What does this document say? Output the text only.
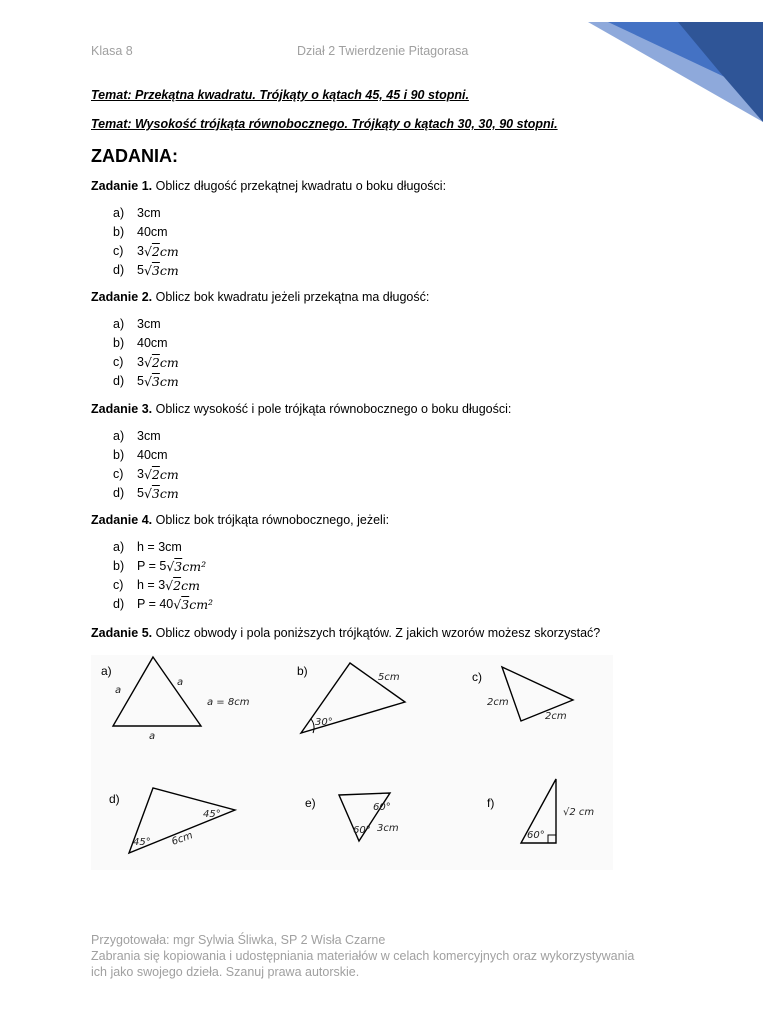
Klasa 8	Dział 2 Twierdzenie Pitagorasa
Temat: Przekątna kwadratu. Trójkąty o kątach 45, 45 i 90 stopni.
Temat: Wysokość trójkąta równobocznego. Trójkąty o kątach 30, 30, 90 stopni.
ZADANIA:
Zadanie 1. Oblicz długość przekątnej kwadratu o boku długości:
a)	3cm
b)	40cm
c)	3 √2cm
d)	5 √3cm
Zadanie 2. Oblicz bok kwadratu jeżeli przekątna ma długość:
a)	3cm
b)	40cm
c)	3 √2cm
d)	5 √3cm
Zadanie 3. Oblicz wysokość i pole trójkąta równobocznego o boku długości:
a)	3cm
b)	40cm
c)	3 √2cm
d)	5 √3cm
Zadanie 4. Oblicz bok trójkąta równobocznego, jeżeli:
a)	h = 3cm
b)	P = 5 √3cm²
c)	h = 3 √2cm
d)	P = 40 √3cm²
Zadanie 5. Oblicz obwody i pola poniższych trójkątów. Z jakich wzorów możesz skorzystać?
a)
a
a
a
a = 8cm
b)	5cm
30°
c)
2cm
2cm
d)
45°
45°
6cm
e)	60°
60° 3cm
f)
60°
√2 cm
Przygotowała: mgr Sylwia Śliwka, SP 2 Wisła Czarne
Zabrania się kopiowania i udostępniania materiałów w celach komercyjnych oraz wykorzystywania
ich jako swojego dzieła. Szanuj prawa autorskie.
